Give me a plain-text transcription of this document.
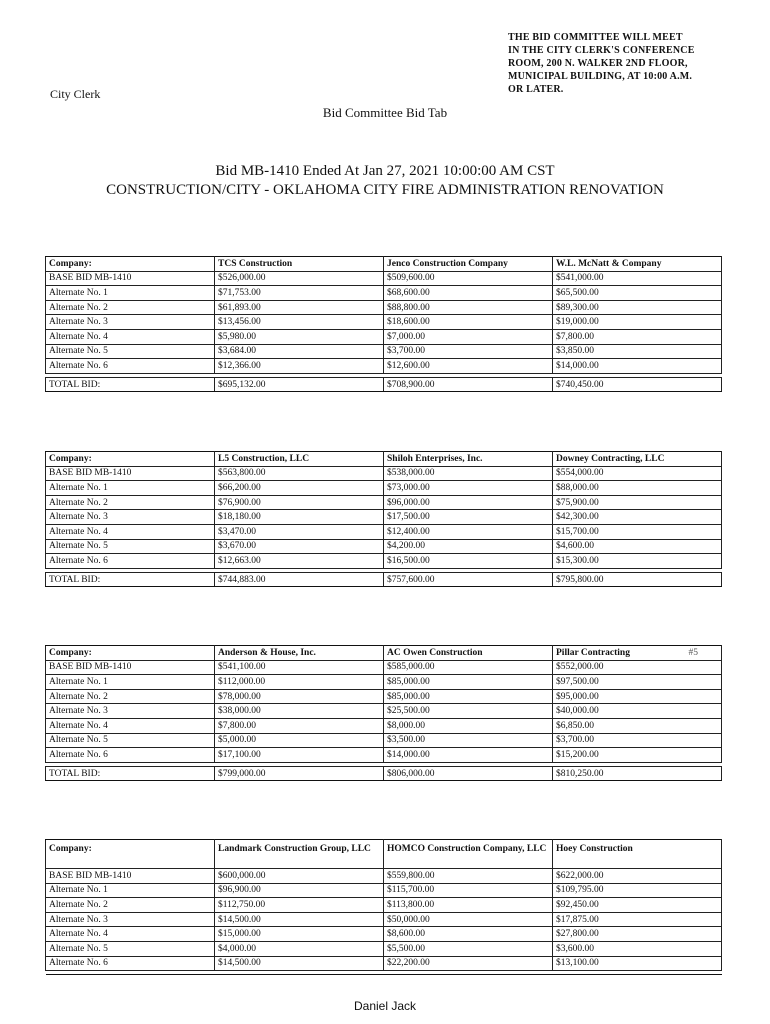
THE BID COMMITTEE WILL MEET
IN THE CITY CLERK'S CONFERENCE
ROOM, 200 N. WALKER 2ND FLOOR,
MUNICIPAL BUILDING, AT 10:00 A.M.
OR LATER.
City Clerk
Bid Committee Bid Tab
Bid MB-1410 Ended At Jan 27, 2021 10:00:00 AM CST
CONSTRUCTION/CITY - OKLAHOMA CITY FIRE ADMINISTRATION RENOVATION
Company:	TCS Construction	Jenco Construction Company	W.L. McNatt & Company
BASE BID MB-1410	$526,000.00	$509,600.00	$541,000.00
Alternate No. 1	$71,753.00	$68,600.00	$65,500.00
Alternate No. 2	$61,893.00	$88,800.00	$89,300.00
Alternate No. 3	$13,456.00	$18,600.00	$19,000.00
Alternate No. 4	$5,980.00	$7,000.00	$7,800.00
Alternate No. 5	$3,684.00	$3,700.00	$3,850.00
Alternate No. 6	$12,366.00	$12,600.00	$14,000.00

TOTAL BID:	$695,132.00	$708,900.00	$740,450.00
Company:	L5 Construction, LLC	Shiloh Enterprises, Inc.	Downey Contracting, LLC
BASE BID MB-1410	$563,800.00	$538,000.00	$554,000.00
Alternate No. 1	$66,200.00	$73,000.00	$88,000.00
Alternate No. 2	$76,900.00	$96,000.00	$75,900.00
Alternate No. 3	$18,180.00	$17,500.00	$42,300.00
Alternate No. 4	$3,470.00	$12,400.00	$15,700.00
Alternate No. 5	$3,670.00	$4,200.00	$4,600.00
Alternate No. 6	$12,663.00	$16,500.00	$15,300.00

TOTAL BID:	$744,883.00	$757,600.00	$795,800.00
Company:	Anderson & House, Inc.	AC Owen Construction	Pillar Contracting #5

BASE BID MB-1410	$541,100.00	$585,000.00	$552,000.00
Alternate No. 1	$112,000.00	$85,000.00	$97,500.00
Alternate No. 2	$78,000.00	$85,000.00	$95,000.00
Alternate No. 3	$38,000.00	$25,500.00	$40,000.00
Alternate No. 4	$7,800.00	$8,000.00	$6,850.00
Alternate No. 5	$5,000.00	$3,500.00	$3,700.00
Alternate No. 6	$17,100.00	$14,000.00	$15,200.00

TOTAL BID:	$799,000.00	$806,000.00	$810,250.00
Company:	Landmark Construction Group, LLC	HOMCO Construction Company, LLC	Hoey Construction
BASE BID MB-1410	$600,000.00	$559,800.00	$622,000.00
Alternate No. 1	$96,900.00	$115,700.00	$109,795.00
Alternate No. 2	$112,750.00	$113,800.00	$92,450.00
Alternate No. 3	$14,500.00	$50,000.00	$17,875.00
Alternate No. 4	$15,000.00	$8,600.00	$27,800.00
Alternate No. 5	$4,000.00	$5,500.00	$3,600.00
Alternate No. 6	$14,500.00	$22,200.00	$13,100.00

Daniel Jack
